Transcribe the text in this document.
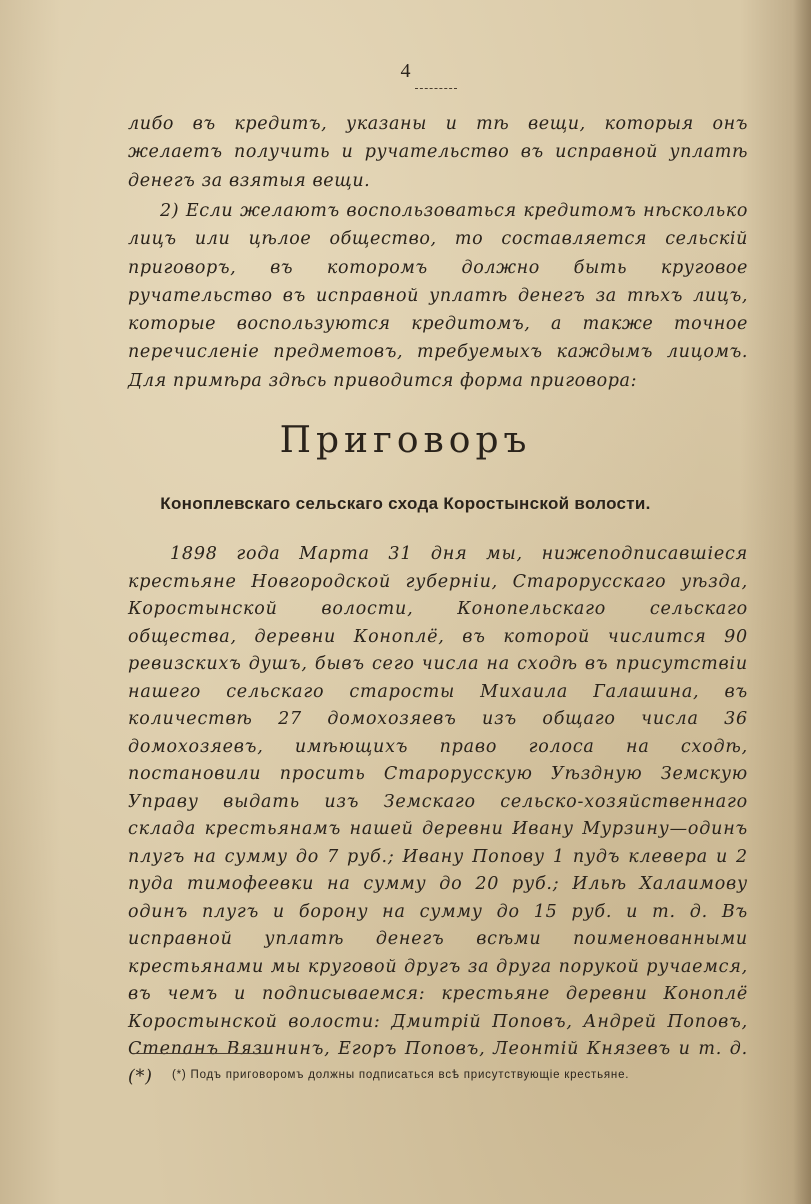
4

либо въ кредитъ, указаны и тѣ вещи, которыя онъ желаетъ получить и ручательство въ исправной уплатѣ денегъ за взятыя вещи.

2) Если желаютъ воспользоваться кредитомъ нѣсколько лицъ или цѣлое общество, то составляется сельскій приговоръ, въ которомъ должно быть круговое ручательство въ исправной уплатѣ денегъ за тѣхъ лицъ, которые воспользуются кредитомъ, а также точное перечисленіе предметовъ, требуемыхъ каждымъ лицомъ. Для примѣра здѣсь приводится форма приговора:

Приговоръ
Коноплевскаго сельскаго схода Коростынской волости.

1898 года Марта 31 дня мы, нижеподписавшіеся крестьяне Новгородской губерніи, Старорусскаго уѣзда, Коростынской волости, Конопельскаго сельскаго общества, деревни Коноплё, въ которой числится 90 ревизскихъ душъ, бывъ сего числа на сходѣ въ присутствіи нашего сельскаго старосты Михаила Галашина, въ количествѣ 27 домохозяевъ изъ общаго числа 36 домохозяевъ, имѣющихъ право голоса на сходѣ, постановили просить Старорусскую Уѣздную Земскую Управу выдать изъ Земскаго сельско-хозяйственнаго склада крестьянамъ нашей деревни Ивану Мурзину—одинъ плугъ на сумму до 7 руб.; Ивану Попову 1 пудъ клевера и 2 пуда тимофеевки на сумму до 20 руб.; Ильѣ Халаимову одинъ плугъ и борону на сумму до 15 руб. и т. д. Въ исправной уплатѣ денегъ всѣми поименованными крестьянами мы круговой другъ за друга порукой ручаемся, въ чемъ и подписываемся: крестьяне деревни Коноплё Коростынской волости: Дмитрій Поповъ, Андрей Поповъ, Степанъ Вязининъ, Егоръ Поповъ, Леонтій Князевъ и т. д. (*)	(*) Подъ приговоромъ должны подписаться всѣ присутствующіе крестьяне.
